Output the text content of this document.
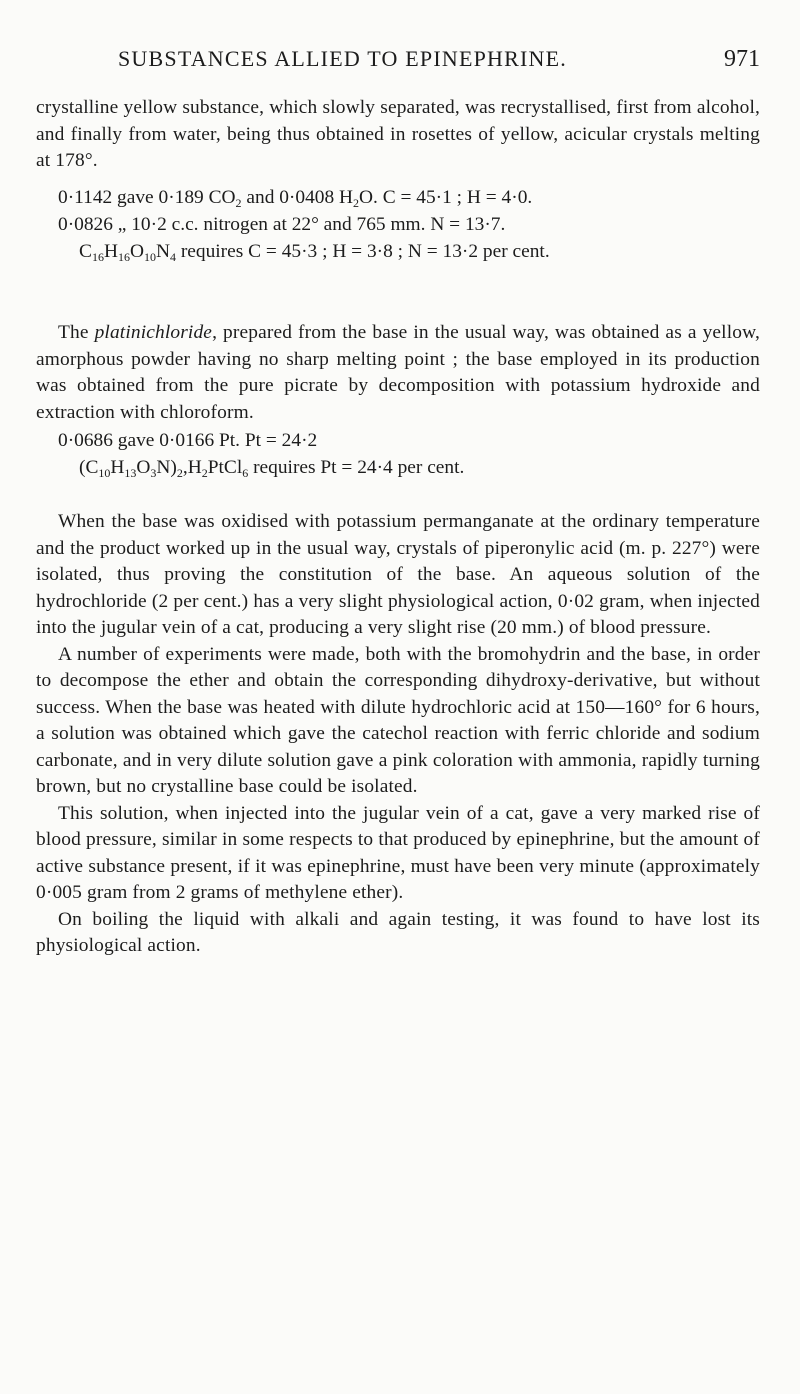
SUBSTANCES ALLIED TO EPINEPHRINE.	971

crystalline yellow substance, which slowly separated, was recrystallised, first from alcohol, and finally from water, being thus obtained in rosettes of yellow, acicular crystals melting at 178°.

0·1142 gave 0·189 $CO_2$ and 0·0408 $H_2O$. C = 45·1 ; H = 4·0.
0·0826 „ 10·2 c.c. nitrogen at 22° and 765 mm. N = 13·7.
$C_{16}H_{16}O_{10}N_4$ requires C = 45·3 ; H = 3·8 ; N = 13·2 per cent.

The platinichloride, prepared from the base in the usual way, was obtained as a yellow, amorphous powder having no sharp melting point ; the base employed in its production was obtained from the pure picrate by decomposition with potassium hydroxide and extraction with chloroform.

0·0686 gave 0·0166 Pt. Pt = 24·2
$(C_{10}H_{13}O_3N)_2,H_2PtCl_6$ requires Pt = 24·4 per cent.

When the base was oxidised with potassium permanganate at the ordinary temperature and the product worked up in the usual way, crystals of piperonylic acid (m. p. 227°) were isolated, thus proving the constitution of the base. An aqueous solution of the hydrochloride (2 per cent.) has a very slight physiological action, 0·02 gram, when injected into the jugular vein of a cat, producing a very slight rise (20 mm.) of blood pressure.

A number of experiments were made, both with the bromohydrin and the base, in order to decompose the ether and obtain the corresponding dihydroxy-derivative, but without success. When the base was heated with dilute hydrochloric acid at 150—160° for 6 hours, a solution was obtained which gave the catechol reaction with ferric chloride and sodium carbonate, and in very dilute solution gave a pink coloration with ammonia, rapidly turning brown, but no crystalline base could be isolated.

This solution, when injected into the jugular vein of a cat, gave a very marked rise of blood pressure, similar in some respects to that produced by epinephrine, but the amount of active substance present, if it was epinephrine, must have been very minute (approximately 0·005 gram from 2 grams of methylene ether).

On boiling the liquid with alkali and again testing, it was found to have lost its physiological action.
